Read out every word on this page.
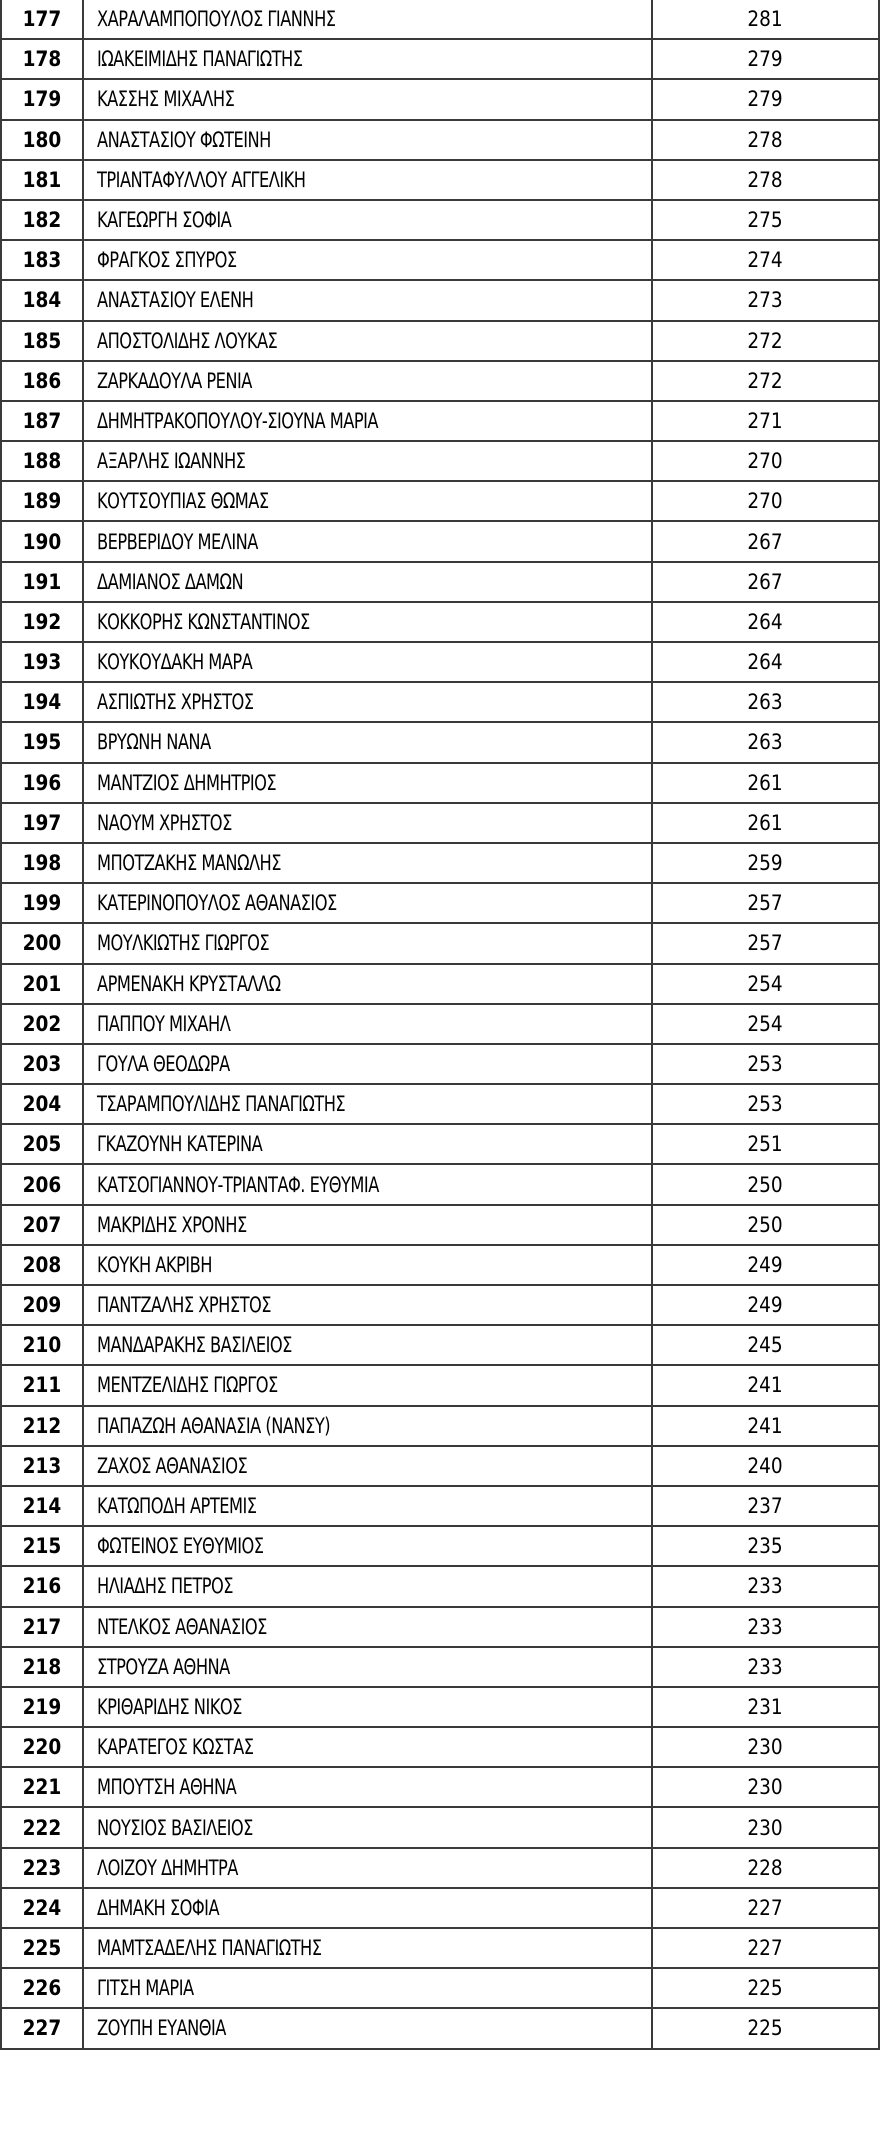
177	ΧΑΡΑΛΑΜΠΟΠΟΥΛΟΣ ΓΙΑΝΝΗΣ	281
178	ΙΩΑΚΕΙΜΙΔΗΣ ΠΑΝΑΓΙΩΤΗΣ	279
179	ΚΑΣΣΗΣ ΜΙΧΑΛΗΣ	279
180	ΑΝΑΣΤΑΣΙΟΥ ΦΩΤΕΙΝΗ	278
181	ΤΡΙΑΝΤΑΦΥΛΛΟΥ ΑΓΓΕΛΙΚΗ	278
182	ΚΑΓΕΩΡΓΗ ΣΟΦΙΑ	275
183	ΦΡΑΓΚΟΣ ΣΠΥΡΟΣ	274
184	ΑΝΑΣΤΑΣΙΟΥ ΕΛΕΝΗ	273
185	ΑΠΟΣΤΟΛΙΔΗΣ ΛΟΥΚΑΣ	272
186	ΖΑΡΚΑΔΟΥΛΑ ΡΕΝΙΑ	272
187	ΔΗΜΗΤΡΑΚΟΠΟΥΛΟΥ-ΣΙΟΥΝΑ ΜΑΡΙΑ	271
188	ΑΞΑΡΛΗΣ ΙΩΑΝΝΗΣ	270
189	ΚΟΥΤΣΟΥΠΙΑΣ ΘΩΜΑΣ	270
190	ΒΕΡΒΕΡΙΔΟΥ ΜΕΛΙΝΑ	267
191	ΔΑΜΙΑΝΟΣ ΔΑΜΩΝ	267
192	ΚΟΚΚΟΡΗΣ ΚΩΝΣΤΑΝΤΙΝΟΣ	264
193	ΚΟΥΚΟΥΔΑΚΗ ΜΑΡΑ	264
194	ΑΣΠΙΩΤΗΣ ΧΡΗΣΤΟΣ	263
195	ΒΡΥΩΝΗ ΝΑΝΑ	263
196	ΜΑΝΤΖΙΟΣ ΔΗΜΗΤΡΙΟΣ	261
197	ΝΑΟΥΜ ΧΡΗΣΤΟΣ	261
198	ΜΠΟΤΖΑΚΗΣ ΜΑΝΩΛΗΣ	259
199	ΚΑΤΕΡΙΝΟΠΟΥΛΟΣ ΑΘΑΝΑΣΙΟΣ	257
200	ΜΟΥΛΚΙΩΤΗΣ ΓΙΩΡΓΟΣ	257
201	ΑΡΜΕΝΑΚΗ ΚΡΥΣΤΑΛΛΩ	254
202	ΠΑΠΠΟΥ ΜΙΧΑΗΛ	254
203	ΓΟΥΛΑ ΘΕΟΔΩΡΑ	253
204	ΤΣΑΡΑΜΠΟΥΛΙΔΗΣ ΠΑΝΑΓΙΩΤΗΣ	253
205	ΓΚΑΖΟΥΝΗ ΚΑΤΕΡΙΝΑ	251
206	ΚΑΤΣΟΓΙΑΝΝΟΥ-ΤΡΙΑΝΤΑΦ. ΕΥΘΥΜΙΑ	250
207	ΜΑΚΡΙΔΗΣ ΧΡΟΝΗΣ	250
208	ΚΟΥΚΗ ΑΚΡΙΒΗ	249
209	ΠΑΝΤΖΑΛΗΣ ΧΡΗΣΤΟΣ	249
210	ΜΑΝΔΑΡΑΚΗΣ ΒΑΣΙΛΕΙΟΣ	245
211	ΜΕΝΤΖΕΛΙΔΗΣ ΓΙΩΡΓΟΣ	241
212	ΠΑΠΑΖΩΗ ΑΘΑΝΑΣΙΑ (ΝΑΝΣΥ)	241
213	ΖΑΧΟΣ ΑΘΑΝΑΣΙΟΣ	240
214	ΚΑΤΩΠΟΔΗ ΑΡΤΕΜΙΣ	237
215	ΦΩΤΕΙΝΟΣ ΕΥΘΥΜΙΟΣ	235
216	ΗΛΙΑΔΗΣ ΠΕΤΡΟΣ	233
217	ΝΤΕΛΚΟΣ ΑΘΑΝΑΣΙΟΣ	233
218	ΣΤΡΟΥΖΑ ΑΘΗΝΑ	233
219	ΚΡΙΘΑΡΙΔΗΣ ΝΙΚΟΣ	231
220	ΚΑΡΑΤΕΓΟΣ ΚΩΣΤΑΣ	230
221	ΜΠΟΥΤΣΗ ΑΘΗΝΑ	230
222	ΝΟΥΣΙΟΣ ΒΑΣΙΛΕΙΟΣ	230
223	ΛΟΙΖΟΥ ΔΗΜΗΤΡΑ	228
224	ΔΗΜΑΚΗ ΣΟΦΙΑ	227
225	ΜΑΜΤΣΑΔΕΛΗΣ ΠΑΝΑΓΙΩΤΗΣ	227
226	ΓΙΤΣΗ ΜΑΡΙΑ	225
227	ΖΟΥΠΗ ΕΥΑΝΘΙΑ	225
